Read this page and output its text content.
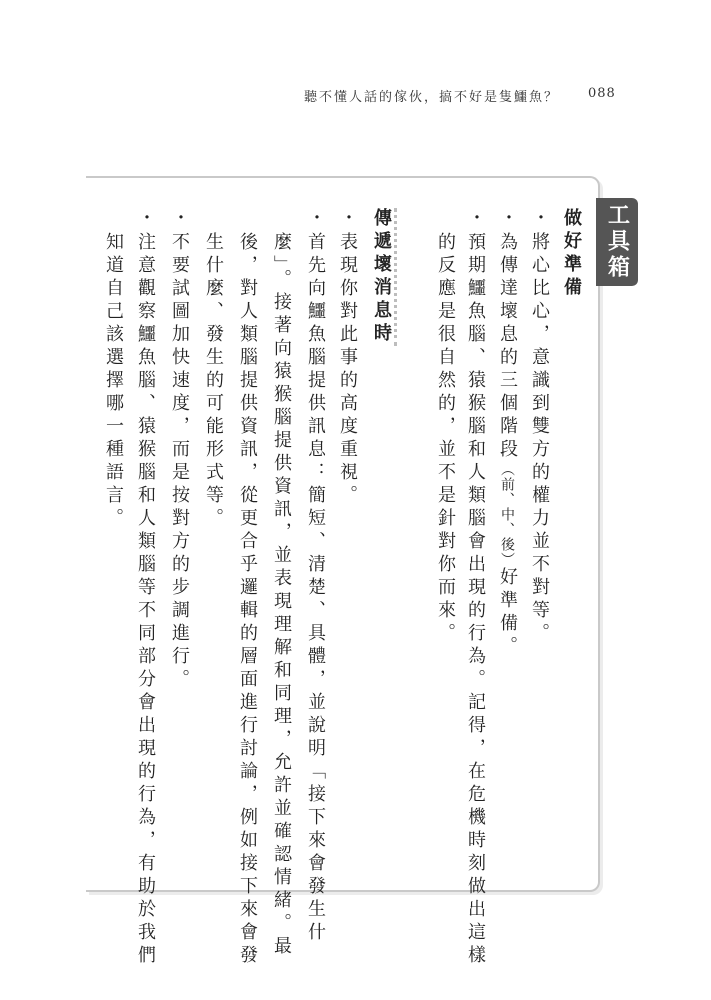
聽不懂人話的傢伙，搞不好是隻鱷魚？ 088
工具箱
做好準備
・將心比心，意識到雙方的權力並不對等。
・為傳達壞息的三個階段（前、中、後）好準備。
・預期鱷魚腦、猿猴腦和人類腦會出現的行為。記得，在危機時刻做出這樣
的反應是很自然的，並不是針對你而來。
傳遞壞消息時
・表現你對此事的高度重視。
・首先向鱷魚腦提供訊息：簡短、清楚、具體，並說明「接下來會發生什
麼」。接著向猿猴腦提供資訊，並表現理解和同理，允許並確認情緒。最
後，對人類腦提供資訊，從更合乎邏輯的層面進行討論，例如接下來會發
生什麼、發生的可能形式等。
・不要試圖加快速度，而是按對方的步調進行。
・注意觀察鱷魚腦、猿猴腦和人類腦等不同部分會出現的行為，有助於我們
知道自己該選擇哪一種語言。
